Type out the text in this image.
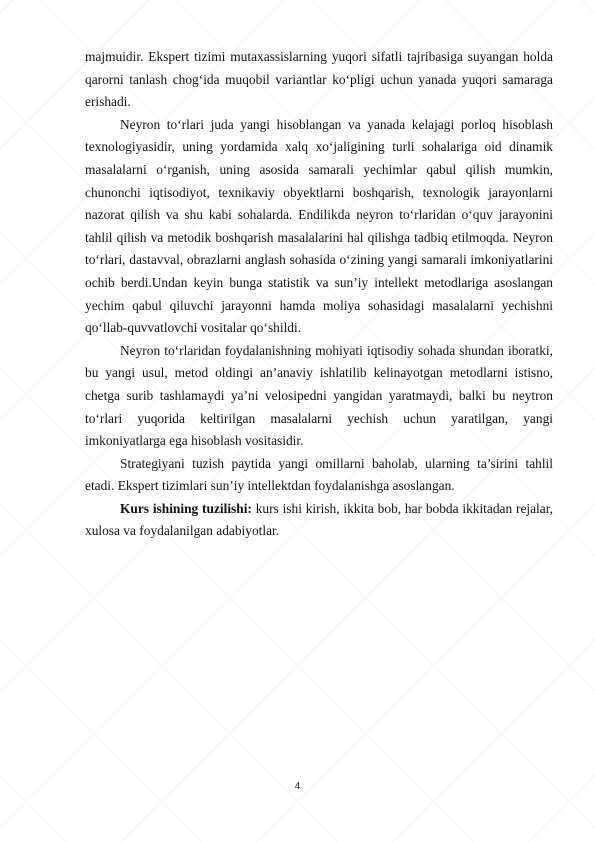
majmuidir. Ekspert tizimi mutaxassislarning yuqori sifatli tajribasiga suyangan holda qarorni tanlash chog‘ida muqobil variantlar ko‘pligi uchun yanada yuqori samaraga erishadi.

Neyron to‘rlari juda yangi hisoblangan va yanada kelajagi porloq hisoblash texnologiyasidir, uning yordamida xalq xo‘jaligining turli sohalariga oid dinamik masalalarni o‘rganish, uning asosida samarali yechimlar qabul qilish mumkin, chunonchi iqtisodiyot, texnikaviy obyektlarni boshqarish, texnologik jarayonlarni nazorat qilish va shu kabi sohalarda. Endilikda neyron to‘rlaridan o‘quv jarayonini tahlil qilish va metodik boshqarish masalalarini hal qilishga tadbiq etilmoqda. Neyron to‘rlari, dastavval, obrazlarni anglash sohasida o‘zining yangi samarali imkoniyatlarini ochib berdi.Undan keyin bunga statistik va sun’iy intellekt metodlariga asoslangan yechim qabul qiluvchi jarayonni hamda moliya sohasidagi masalalarni yechishni qo‘llab-quvvatlovchi vositalar qo‘shildi.

Neyron to‘rlaridan foydalanishning mohiyati iqtisodiy sohada shundan iboratki, bu yangi usul, metod oldingi an’anaviy ishlatilib kelinayotgan metodlarni istisno, chetga surib tashlamaydi ya’ni velosipedni yangidan yaratmaydi, balki bu neytron to‘rlari yuqorida keltirilgan masalalarni yechish uchun yaratilgan, yangi imkoniyatlarga ega hisoblash vositasidir.

Strategiyani tuzish paytida yangi omillarni baholab, ularning ta’sirini tahlil etadi. Ekspert tizimlari sun’iy intellektdan foydalanishga asoslangan.

Kurs ishining tuzilishi: kurs ishi kirish, ikkita bob, har bobda ikkitadan rejalar, xulosa va foydalanilgan adabiyotlar.

4
